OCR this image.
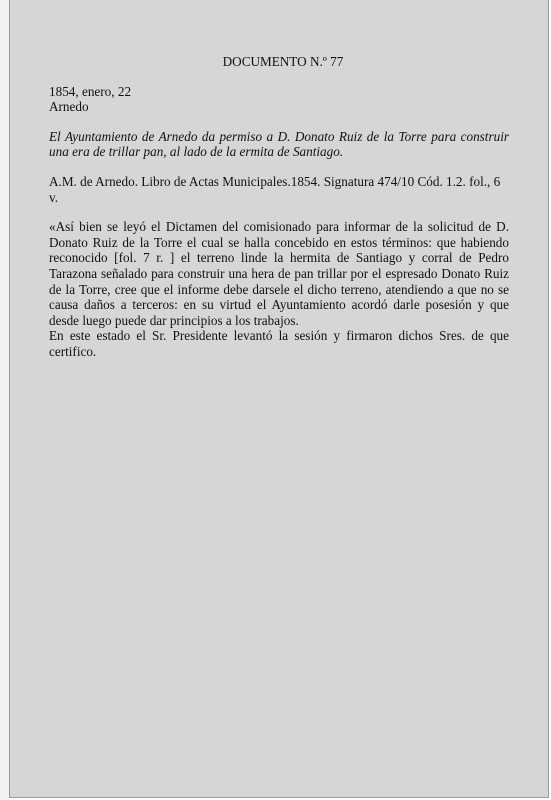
DOCUMENTO N.º 77

1854, enero, 22

Arnedo

El Ayuntamiento de Arnedo da permiso a D. Donato Ruiz de la Torre para construir una era de trillar pan, al lado de la ermita de Santiago.

A.M. de Arnedo. Libro de Actas Municipales.1854. Signatura 474/10 Cód. 1.2. fol., 6 v.

«Así bien se leyó el Dictamen del comisionado para informar de la solicitud de D. Donato Ruiz de la Torre el cual se halla concebido en estos términos: que habiendo reconocido [fol. 7 r. ] el terreno linde la hermita de Santiago y corral de Pedro Tarazona señalado para construir una hera de pan trillar por el espresado Donato Ruiz de la Torre, cree que el informe debe darsele el dicho terreno, atendiendo a que no se causa daños a terceros: en su virtud el Ayuntamiento acordó darle posesión y que desde luego puede dar principios a los trabajos.

En este estado el Sr. Presidente levantó la sesión y firmaron dichos Sres. de que certifico.
